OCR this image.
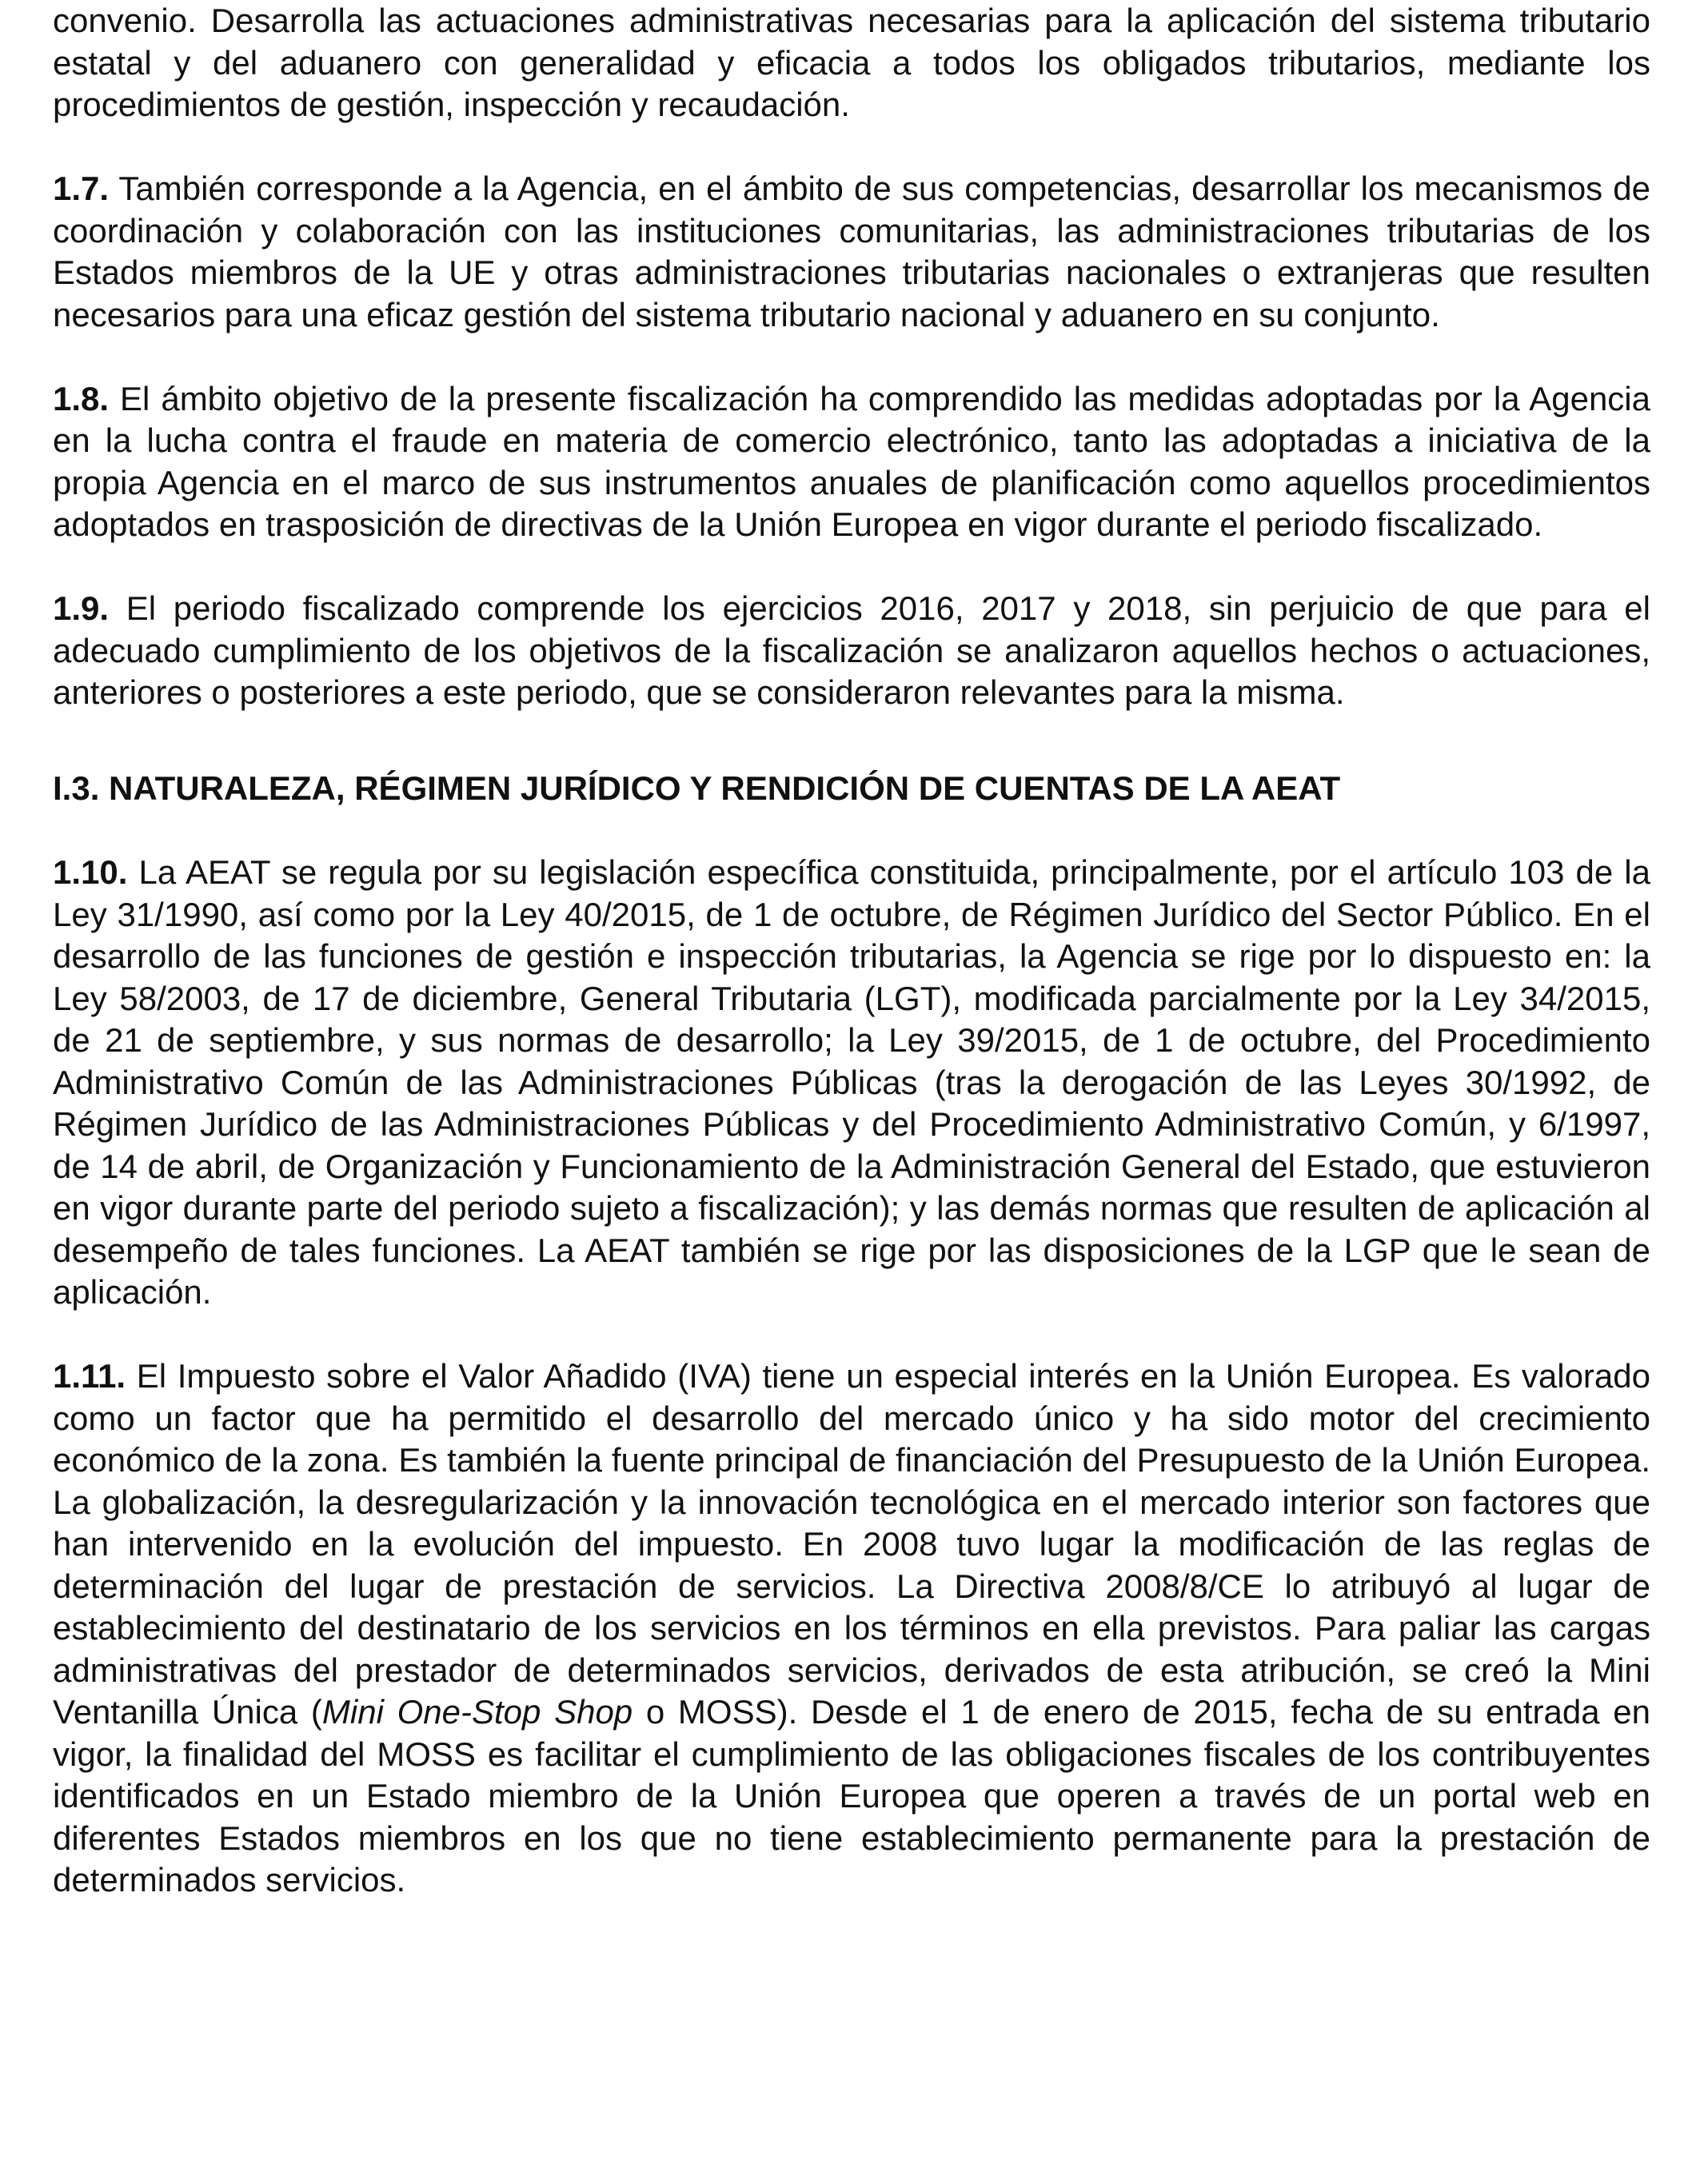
convenio. Desarrolla las actuaciones administrativas necesarias para la aplicación del sistema tributario estatal y del aduanero con generalidad y eficacia a todos los obligados tributarios, mediante los procedimientos de gestión, inspección y recaudación.

1.7. También corresponde a la Agencia, en el ámbito de sus competencias, desarrollar los mecanismos de coordinación y colaboración con las instituciones comunitarias, las administraciones tributarias de los Estados miembros de la UE y otras administraciones tributarias nacionales o extranjeras que resulten necesarios para una eficaz gestión del sistema tributario nacional y aduanero en su conjunto.

1.8. El ámbito objetivo de la presente fiscalización ha comprendido las medidas adoptadas por la Agencia en la lucha contra el fraude en materia de comercio electrónico, tanto las adoptadas a iniciativa de la propia Agencia en el marco de sus instrumentos anuales de planificación como aquellos procedimientos adoptados en trasposición de directivas de la Unión Europea en vigor durante el periodo fiscalizado.

1.9. El periodo fiscalizado comprende los ejercicios 2016, 2017 y 2018, sin perjuicio de que para el adecuado cumplimiento de los objetivos de la fiscalización se analizaron aquellos hechos o actuaciones, anteriores o posteriores a este periodo, que se consideraron relevantes para la misma.

I.3. NATURALEZA, RÉGIMEN JURÍDICO Y RENDICIÓN DE CUENTAS DE LA AEAT

1.10. La AEAT se regula por su legislación específica constituida, principalmente, por el artículo 103 de la Ley 31/1990, así como por la Ley 40/2015, de 1 de octubre, de Régimen Jurídico del Sector Público. En el desarrollo de las funciones de gestión e inspección tributarias, la Agencia se rige por lo dispuesto en: la Ley 58/2003, de 17 de diciembre, General Tributaria (LGT), modificada parcialmente por la Ley 34/2015, de 21 de septiembre, y sus normas de desarrollo; la Ley 39/2015, de 1 de octubre, del Procedimiento Administrativo Común de las Administraciones Públicas (tras la derogación de las Leyes 30/1992, de Régimen Jurídico de las Administraciones Públicas y del Procedimiento Administrativo Común, y 6/1997, de 14 de abril, de Organización y Funcionamiento de la Administración General del Estado, que estuvieron en vigor durante parte del periodo sujeto a fiscalización); y las demás normas que resulten de aplicación al desempeño de tales funciones. La AEAT también se rige por las disposiciones de la LGP que le sean de aplicación.

1.11. El Impuesto sobre el Valor Añadido (IVA) tiene un especial interés en la Unión Europea. Es valorado como un factor que ha permitido el desarrollo del mercado único y ha sido motor del crecimiento económico de la zona. Es también la fuente principal de financiación del Presupuesto de la Unión Europea. La globalización, la desregularización y la innovación tecnológica en el mercado interior son factores que han intervenido en la evolución del impuesto. En 2008 tuvo lugar la modificación de las reglas de determinación del lugar de prestación de servicios. La Directiva 2008/8/CE lo atribuyó al lugar de establecimiento del destinatario de los servicios en los términos en ella previstos. Para paliar las cargas administrativas del prestador de determinados servicios, derivados de esta atribución, se creó la Mini Ventanilla Única (Mini One-Stop Shop o MOSS). Desde el 1 de enero de 2015, fecha de su entrada en vigor, la finalidad del MOSS es facilitar el cumplimiento de las obligaciones fiscales de los contribuyentes identificados en un Estado miembro de la Unión Europea que operen a través de un portal web en diferentes Estados miembros en los que no tiene establecimiento permanente para la prestación de determinados servicios.
